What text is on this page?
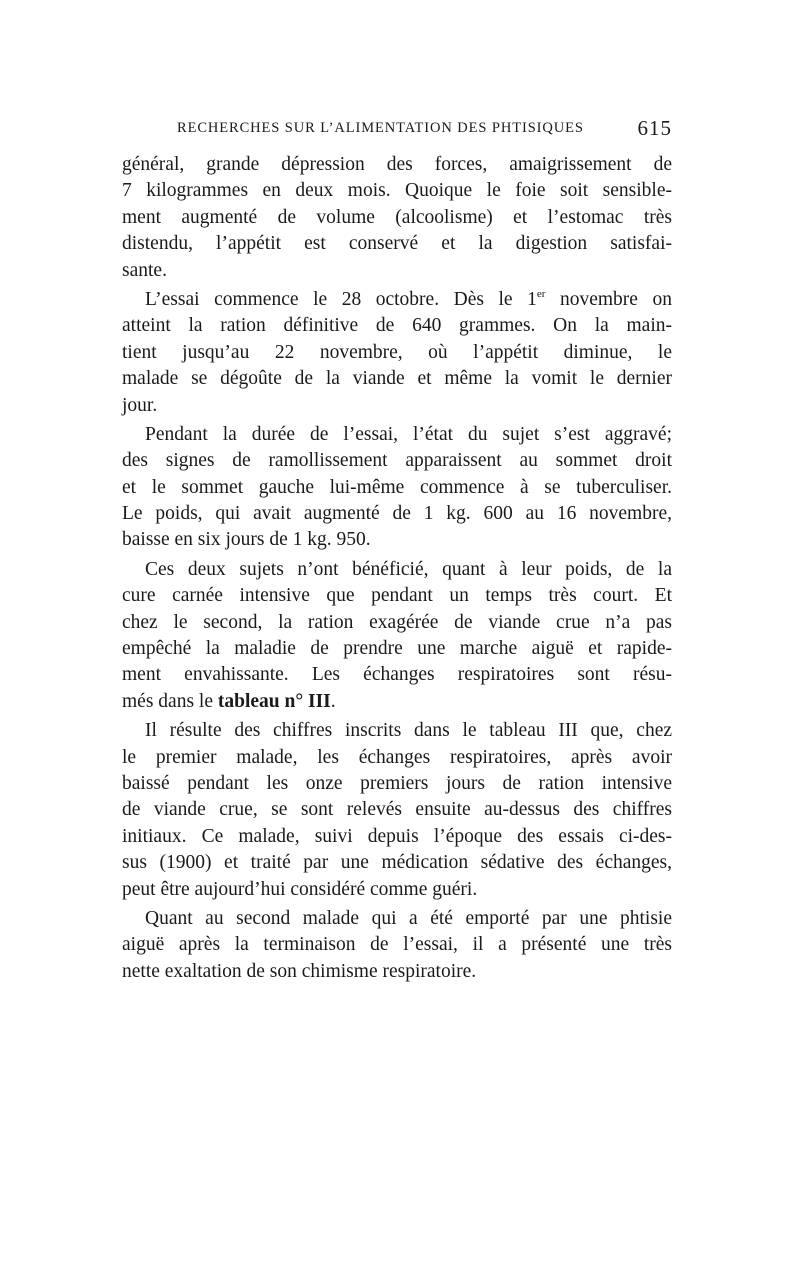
RECHERCHES SUR L’ALIMENTATION DES PHTISIQUES	615

général, grande dépression des forces, amaigrissement de
7 kilogrammes en deux mois. Quoique le foie soit sensible-
ment augmenté de volume (alcoolisme) et l’estomac très
distendu, l’appétit est conservé et la digestion satisfai-
sante.

L’essai commence le 28 octobre. Dès le 1er novembre on
atteint la ration définitive de 640 grammes. On la main-
tient jusqu’au 22 novembre, où l’appétit diminue, le
malade se dégoûte de la viande et même la vomit le dernier
jour.

Pendant la durée de l’essai, l’état du sujet s’est aggravé;
des signes de ramollissement apparaissent au sommet droit
et le sommet gauche lui-même commence à se tuberculiser.
Le poids, qui avait augmenté de 1 kg. 600 au 16 novembre,
baisse en six jours de 1 kg. 950.

Ces deux sujets n’ont bénéficié, quant à leur poids, de la
cure carnée intensive que pendant un temps très court. Et
chez le second, la ration exagérée de viande crue n’a pas
empêché la maladie de prendre une marche aiguë et rapide-
ment envahissante. Les échanges respiratoires sont résu-
més dans le tableau n° III.

Il résulte des chiffres inscrits dans le tableau III que, chez
le premier malade, les échanges respiratoires, après avoir
baissé pendant les onze premiers jours de ration intensive
de viande crue, se sont relevés ensuite au-dessus des chiffres
initiaux. Ce malade, suivi depuis l’époque des essais ci-des-
sus (1900) et traité par une médication sédative des échanges,
peut être aujourd’hui considéré comme guéri.

Quant au second malade qui a été emporté par une phtisie
aiguë après la terminaison de l’essai, il a présenté une très
nette exaltation de son chimisme respiratoire.
